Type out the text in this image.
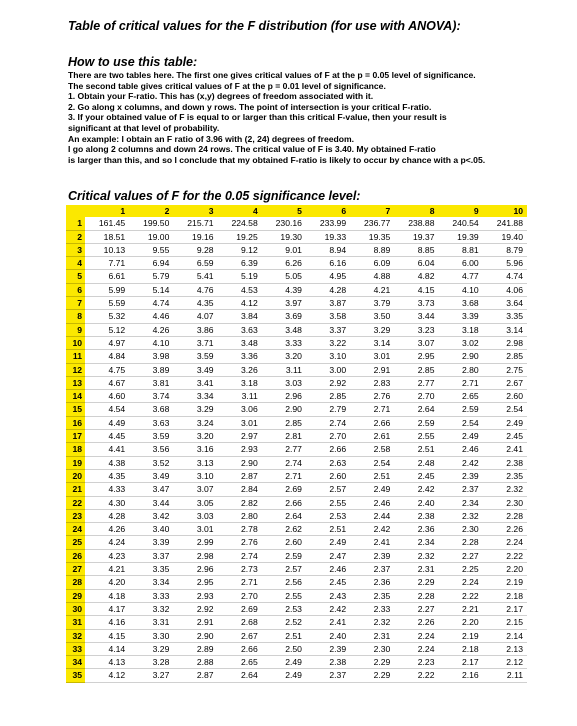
Table of critical values for the F distribution (for use with ANOVA):
How to use this table:
There are two tables here. The first one gives critical values of F at the p = 0.05 level of significance.
The second table gives critical values of F at the p = 0.01 level of significance.
1. Obtain your F-ratio. This has (x,y) degrees of freedom associated with it.
2. Go along x columns, and down y rows. The point of intersection is your critical F-ratio.
3. If your obtained value of F is equal to or larger than this critical F-value, then your result is
significant at that level of probability.
An example: I obtain an F ratio of 3.96 with (2, 24) degrees of freedom.
I go along 2 columns and down 24 rows. The critical value of F is 3.40. My obtained F-ratio
is larger than this, and so I conclude that my obtained F-ratio is likely to occur by chance with a p<.05.
Critical values of F for the 0.05 significance level:
	1	2	3	4	5	6	7	8	9	10
1	161.45	199.50	215.71	224.58	230.16	233.99	236.77	238.88	240.54	241.88
2	18.51	19.00	19.16	19.25	19.30	19.33	19.35	19.37	19.39	19.40
3	10.13	9.55	9.28	9.12	9.01	8.94	8.89	8.85	8.81	8.79
4	7.71	6.94	6.59	6.39	6.26	6.16	6.09	6.04	6.00	5.96
5	6.61	5.79	5.41	5.19	5.05	4.95	4.88	4.82	4.77	4.74
6	5.99	5.14	4.76	4.53	4.39	4.28	4.21	4.15	4.10	4.06
7	5.59	4.74	4.35	4.12	3.97	3.87	3.79	3.73	3.68	3.64
8	5.32	4.46	4.07	3.84	3.69	3.58	3.50	3.44	3.39	3.35
9	5.12	4.26	3.86	3.63	3.48	3.37	3.29	3.23	3.18	3.14
10	4.97	4.10	3.71	3.48	3.33	3.22	3.14	3.07	3.02	2.98
11	4.84	3.98	3.59	3.36	3.20	3.10	3.01	2.95	2.90	2.85
12	4.75	3.89	3.49	3.26	3.11	3.00	2.91	2.85	2.80	2.75
13	4.67	3.81	3.41	3.18	3.03	2.92	2.83	2.77	2.71	2.67
14	4.60	3.74	3.34	3.11	2.96	2.85	2.76	2.70	2.65	2.60
15	4.54	3.68	3.29	3.06	2.90	2.79	2.71	2.64	2.59	2.54
16	4.49	3.63	3.24	3.01	2.85	2.74	2.66	2.59	2.54	2.49
17	4.45	3.59	3.20	2.97	2.81	2.70	2.61	2.55	2.49	2.45
18	4.41	3.56	3.16	2.93	2.77	2.66	2.58	2.51	2.46	2.41
19	4.38	3.52	3.13	2.90	2.74	2.63	2.54	2.48	2.42	2.38
20	4.35	3.49	3.10	2.87	2.71	2.60	2.51	2.45	2.39	2.35
21	4.33	3.47	3.07	2.84	2.69	2.57	2.49	2.42	2.37	2.32
22	4.30	3.44	3.05	2.82	2.66	2.55	2.46	2.40	2.34	2.30
23	4.28	3.42	3.03	2.80	2.64	2.53	2.44	2.38	2.32	2.28
24	4.26	3.40	3.01	2.78	2.62	2.51	2.42	2.36	2.30	2.26
25	4.24	3.39	2.99	2.76	2.60	2.49	2.41	2.34	2.28	2.24
26	4.23	3.37	2.98	2.74	2.59	2.47	2.39	2.32	2.27	2.22
27	4.21	3.35	2.96	2.73	2.57	2.46	2.37	2.31	2.25	2.20
28	4.20	3.34	2.95	2.71	2.56	2.45	2.36	2.29	2.24	2.19
29	4.18	3.33	2.93	2.70	2.55	2.43	2.35	2.28	2.22	2.18
30	4.17	3.32	2.92	2.69	2.53	2.42	2.33	2.27	2.21	2.17
31	4.16	3.31	2.91	2.68	2.52	2.41	2.32	2.26	2.20	2.15
32	4.15	3.30	2.90	2.67	2.51	2.40	2.31	2.24	2.19	2.14
33	4.14	3.29	2.89	2.66	2.50	2.39	2.30	2.24	2.18	2.13
34	4.13	3.28	2.88	2.65	2.49	2.38	2.29	2.23	2.17	2.12
35	4.12	3.27	2.87	2.64	2.49	2.37	2.29	2.22	2.16	2.11
